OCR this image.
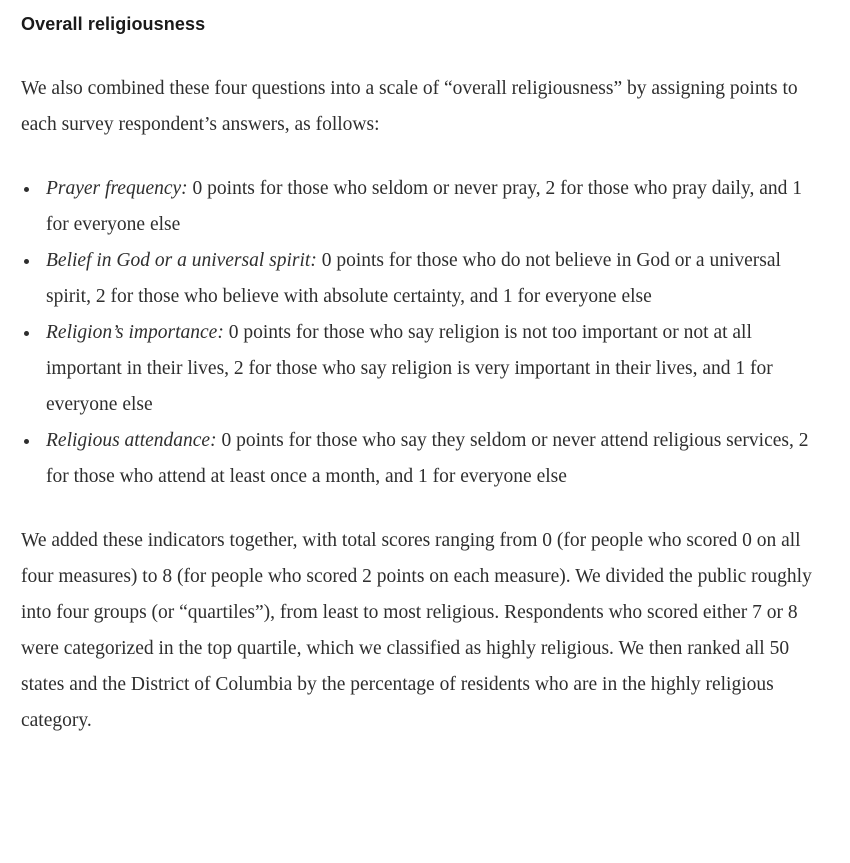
Overall religiousness

We also combined these four questions into a scale of “overall religiousness” by assigning points to each survey respondent’s answers, as follows:

• Prayer frequency: 0 points for those who seldom or never pray, 2 for those who pray daily, and 1 for everyone else
• Belief in God or a universal spirit: 0 points for those who do not believe in God or a universal spirit, 2 for those who believe with absolute certainty, and 1 for everyone else
• Religion’s importance: 0 points for those who say religion is not too important or not at all important in their lives, 2 for those who say religion is very important in their lives, and 1 for everyone else
• Religious attendance: 0 points for those who say they seldom or never attend religious services, 2 for those who attend at least once a month, and 1 for everyone else

We added these indicators together, with total scores ranging from 0 (for people who scored 0 on all four measures) to 8 (for people who scored 2 points on each measure). We divided the public roughly into four groups (or “quartiles”), from least to most religious. Respondents who scored either 7 or 8 were categorized in the top quartile, which we classified as highly religious. We then ranked all 50 states and the District of Columbia by the percentage of residents who are in the highly religious category.
